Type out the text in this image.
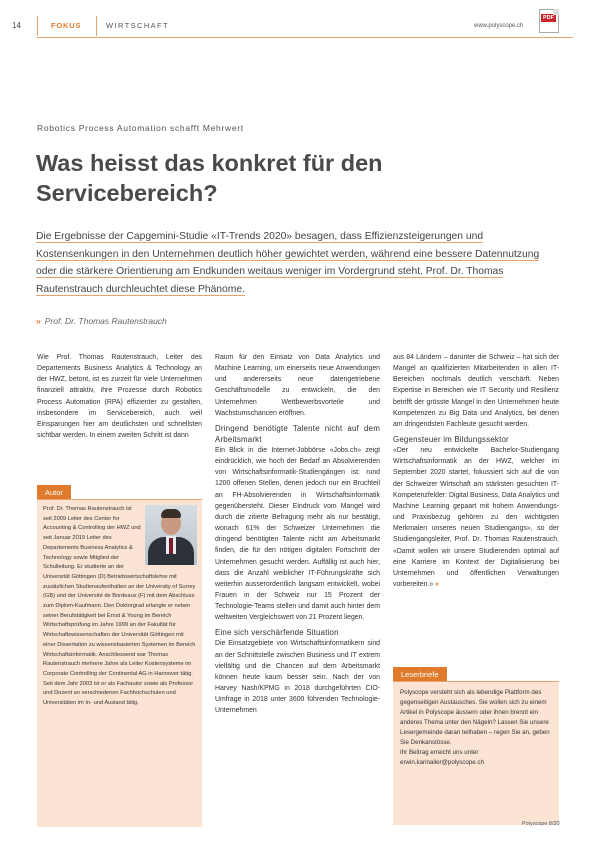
14	FOKUS	WIRTSCHAFT	www.polyscope.ch
PDF
Robotics Process Automation schafft Mehrwert
Was heisst das konkret für den Servicebereich?
Die Ergebnisse der Capgemini-Studie «IT-Trends 2020» besagen, dass Effizienzsteigerungen und Kostensenkungen in den Unternehmen deutlich höher gewichtet werden, während eine bessere Datennutzung oder die stärkere Orientierung am Endkunden weitaus weniger im Vordergrund steht. Prof. Dr. Thomas Rautenstrauch durchleuchtet diese Phänome.
» Prof. Dr. Thomas Rautenstrauch

Wie Prof. Thomas Rautenstrauch, Leiter des Departements Business Analytics & Technology an der HWZ, betont, ist es zurzeit für viele Unternehmen finanziell attraktiv, ihre Prozesse durch Robotics Process Automation (RPA) effizienter zu gestalten, insbesondere im Servicebereich, auch weil Einsparungen hier am deutlichsten und schnellsten sichtbar werden. In einem zweiten Schritt ist dann

Autor
Prof. Dr. Thomas Rautenstrauch ist seit 2009 Leiter des Center for Accounting & Controlling der HWZ und seit Januar 2019 Leiter des Departements Business Analytics & Technology sowie Mitglied der Schulleitung. Er studierte an der Universität Göttingen (D) Betriebswirtschaftslehre mit zusätzlichen Studienaufenthalten an der University of Surrey (GB) und der Université de Bordeaux (F) mit dem Abschluss zum Diplom-Kaufmann. Den Doktorgrad erlangte er neben seiner Berufstätigkeit bei Ernst & Young im Bereich Wirtschaftsprüfung im Jahre 1999 an der Fakultät für Wirtschaftswissenschaften der Universität Göttingen mit einer Dissertation zu wissensbasierten Systemen im Bereich Wirtschaftsinformatik. Anschliessend war Thomas Rautenstrauch mehrere Jahre als Leiter Kostensysteme im Corporate Controlling der Continental AG in Hannover tätig. Seit dem Jahr 2003 ist er als Fachautor sowie als Professor und Dozent an verschiedenen Fachhochschulen und Universitäten im In- und Ausland tätig.

Raum für den Einsatz von Data Analytics und Machine Learning, um einerseits neue Anwendungen und andererseits neue datengetriebene Geschäftsmodelle zu entwickeln, die den Unternehmen Wettbewerbsvorteile und Wachstumschancen eröffnen.

Dringend benötigte Talente nicht auf dem Arbeitsmarkt

Ein Blick in die Internet-Jobbörse «Jobs.ch» zeigt eindrücklich, wie hoch der Bedarf an Absolvierenden von Wirtschaftsinformatik-Studiengängen ist: rund 1200 offenen Stellen, denen jedoch nur ein Bruchteil an FH-Absolvierenden in Wirtschaftsinformatik gegenübersteht. Dieser Eindruck vom Mangel wird durch die zitierte Befragung mehr als nur bestätigt, wonach 61% der Schweizer Unternehmen die dringend benötigten Talente nicht am Arbeitsmarkt finden, die für den nötigen digitalen Fortschritt der Unternehmen gesucht werden. Auffällig ist auch hier, dass die Anzahl weiblicher IT-Führungskräfte sich weiterhin ausserordentlich langsam entwickelt, wobei Frauen in der Schweiz nur 15 Prozent der Technologie-Teams stellen und damit auch hinter dem weltweiten Vergleichswert von 21 Prozent liegen.

Eine sich verschärfende Situation

Die Einsatzgebiete von Wirtschaftsinformatikern sind an der Schnittstelle zwischen Business und IT extrem vielfältig und die Chancen auf dem Arbeitsmarkt können heute kaum besser sein. Nach der von Harvey Nash/KPMG in 2018 durchgeführten CIO-Umfrage in 2018 unter 3600 führenden Technologie-Unternehmen

aus 84 Ländern – darunter die Schweiz – hat sich der Mangel an qualifizierten Mitarbeitenden in allen IT-Bereichen nochmals deutlich verschärft. Neben Expertise in Bereichen wie IT Security und Resilienz betrifft der grösste Mangel in den Unternehmen heute Kompetenzen zu Big Data und Analytics, bei denen am dringendsten Fachleute gesucht werden.

Gegensteuer im Bildungssektor

«Der neu entwickelte Bachelor-Studiengang Wirtschaftsinformatik an der HWZ, welcher im September 2020 startet, fokussiert sich auf die von der Schweizer Wirtschaft am stärksten gesuchten IT-Kompetenzfelder: Digital Business, Data Analytics und Machine Learning gepaart mit hohem Anwendungs- und Praxisbezug gehören zu den wichtigsten Merkmalen unseres neuen Studiengangs», so der Studiengangsleiter, Prof. Dr. Thomas Rautenstrauch. «Damit wollen wir unsere Studierenden optimal auf eine Karriere im Kontext der Digitalisierung bei Unternehmen und öffentlichen Verwaltungen vorbereiten.» «

Leserbriefe
Polyscope versteht sich als lebendige Plattform des gegenseitigen Austausches. Sie wollen sich zu einem Artikel in Polyscope äussern oder ihnen brennt ein anderes Thema unter den Nägeln? Lassen Sie unsere Lesergemeinde daran teilhaben – regen Sie an, geben Sie Denkanstösse.
Ihr Beitrag erreicht uns unter
erwin.karinaller@polyscope.ch
Polyscope 8/20
